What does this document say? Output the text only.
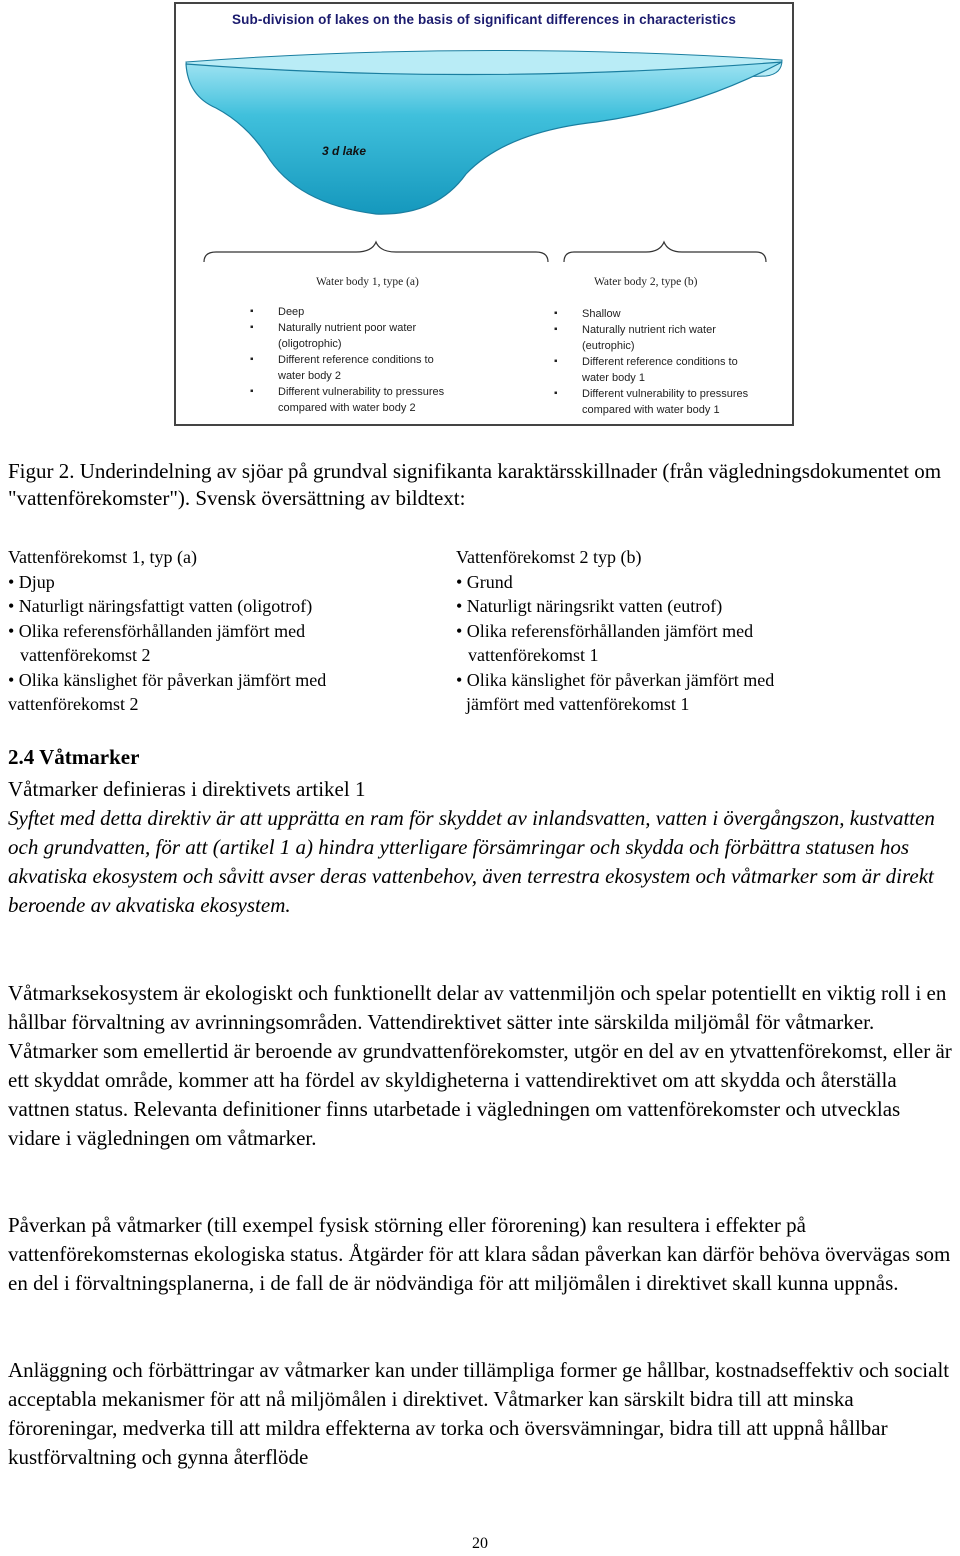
Sub-division of lakes on the basis of significant differences in characteristics
3 d lake
Water body 1, type (a)
▪ Deep
▪ Naturally nutrient poor water
(oligotrophic)
▪ Different reference conditions to
water body 2
▪ Different vulnerability to pressures
compared with water body 2
Water body 2, type (b)
▪ Shallow
▪ Naturally nutrient rich water
(eutrophic)
▪ Different reference conditions to
water body 1
▪ Different vulnerability to pressures
compared with water body 1
Figur 2. Underindelning av sjöar på grundval signifikanta karaktärsskillnader (från vägledningsdokumentet om "vattenförekomster"). Svensk översättning av bildtext:
Vattenförekomst 1, typ (a)
• Djup
• Naturligt näringsfattigt vatten (oligotrof)
• Olika referensförhållanden jämfört med
vattenförekomst 2
• Olika känslighet för påverkan jämfört med
vattenförekomst 2
Vattenförekomst 2 typ (b)
• Grund
• Naturligt näringsrikt vatten (eutrof)
• Olika referensförhållanden jämfört med
vattenförekomst 1
• Olika känslighet för påverkan jämfört med
jämfört med vattenförekomst 1
2.4 Våtmarker
Våtmarker definieras i direktivets artikel 1
Syftet med detta direktiv är att upprätta en ram för skyddet av inlandsvatten, vatten i övergångszon, kustvatten och grundvatten, för att (artikel 1 a) hindra ytterligare försämringar och skydda och förbättra statusen hos akvatiska ekosystem och såvitt avser deras vattenbehov, även terrestra ekosystem och våtmarker som är direkt beroende av akvatiska ekosystem.
Våtmarksekosystem är ekologiskt och funktionellt delar av vattenmiljön och spelar potentiellt en viktig roll i en hållbar förvaltning av avrinningsområden. Vattendirektivet sätter inte särskilda miljömål för våtmarker. Våtmarker som emellertid är beroende av grundvattenförekomster, utgör en del av en ytvattenförekomst, eller är ett skyddat område, kommer att ha fördel av skyldigheterna i vattendirektivet om att skydda och återställa vattnen status. Relevanta definitioner finns utarbetade i vägledningen om vattenförekomster och utvecklas vidare i vägledningen om våtmarker.
Påverkan på våtmarker (till exempel fysisk störning eller förorening) kan resultera i effekter på vattenförekomsternas ekologiska status. Åtgärder för att klara sådan påverkan kan därför behöva övervägas som en del i förvaltningsplanerna, i de fall de är nödvändiga för att miljömålen i direktivet skall kunna uppnås.
Anläggning och förbättringar av våtmarker kan under tillämpliga former ge hållbar, kostnadseffektiv och socialt acceptabla mekanismer för att nå miljömålen i direktivet. Våtmarker kan särskilt bidra till att minska föroreningar, medverka till att mildra effekterna av torka och översvämningar, bidra till att uppnå hållbar kustförvaltning och gynna återflöde
20
